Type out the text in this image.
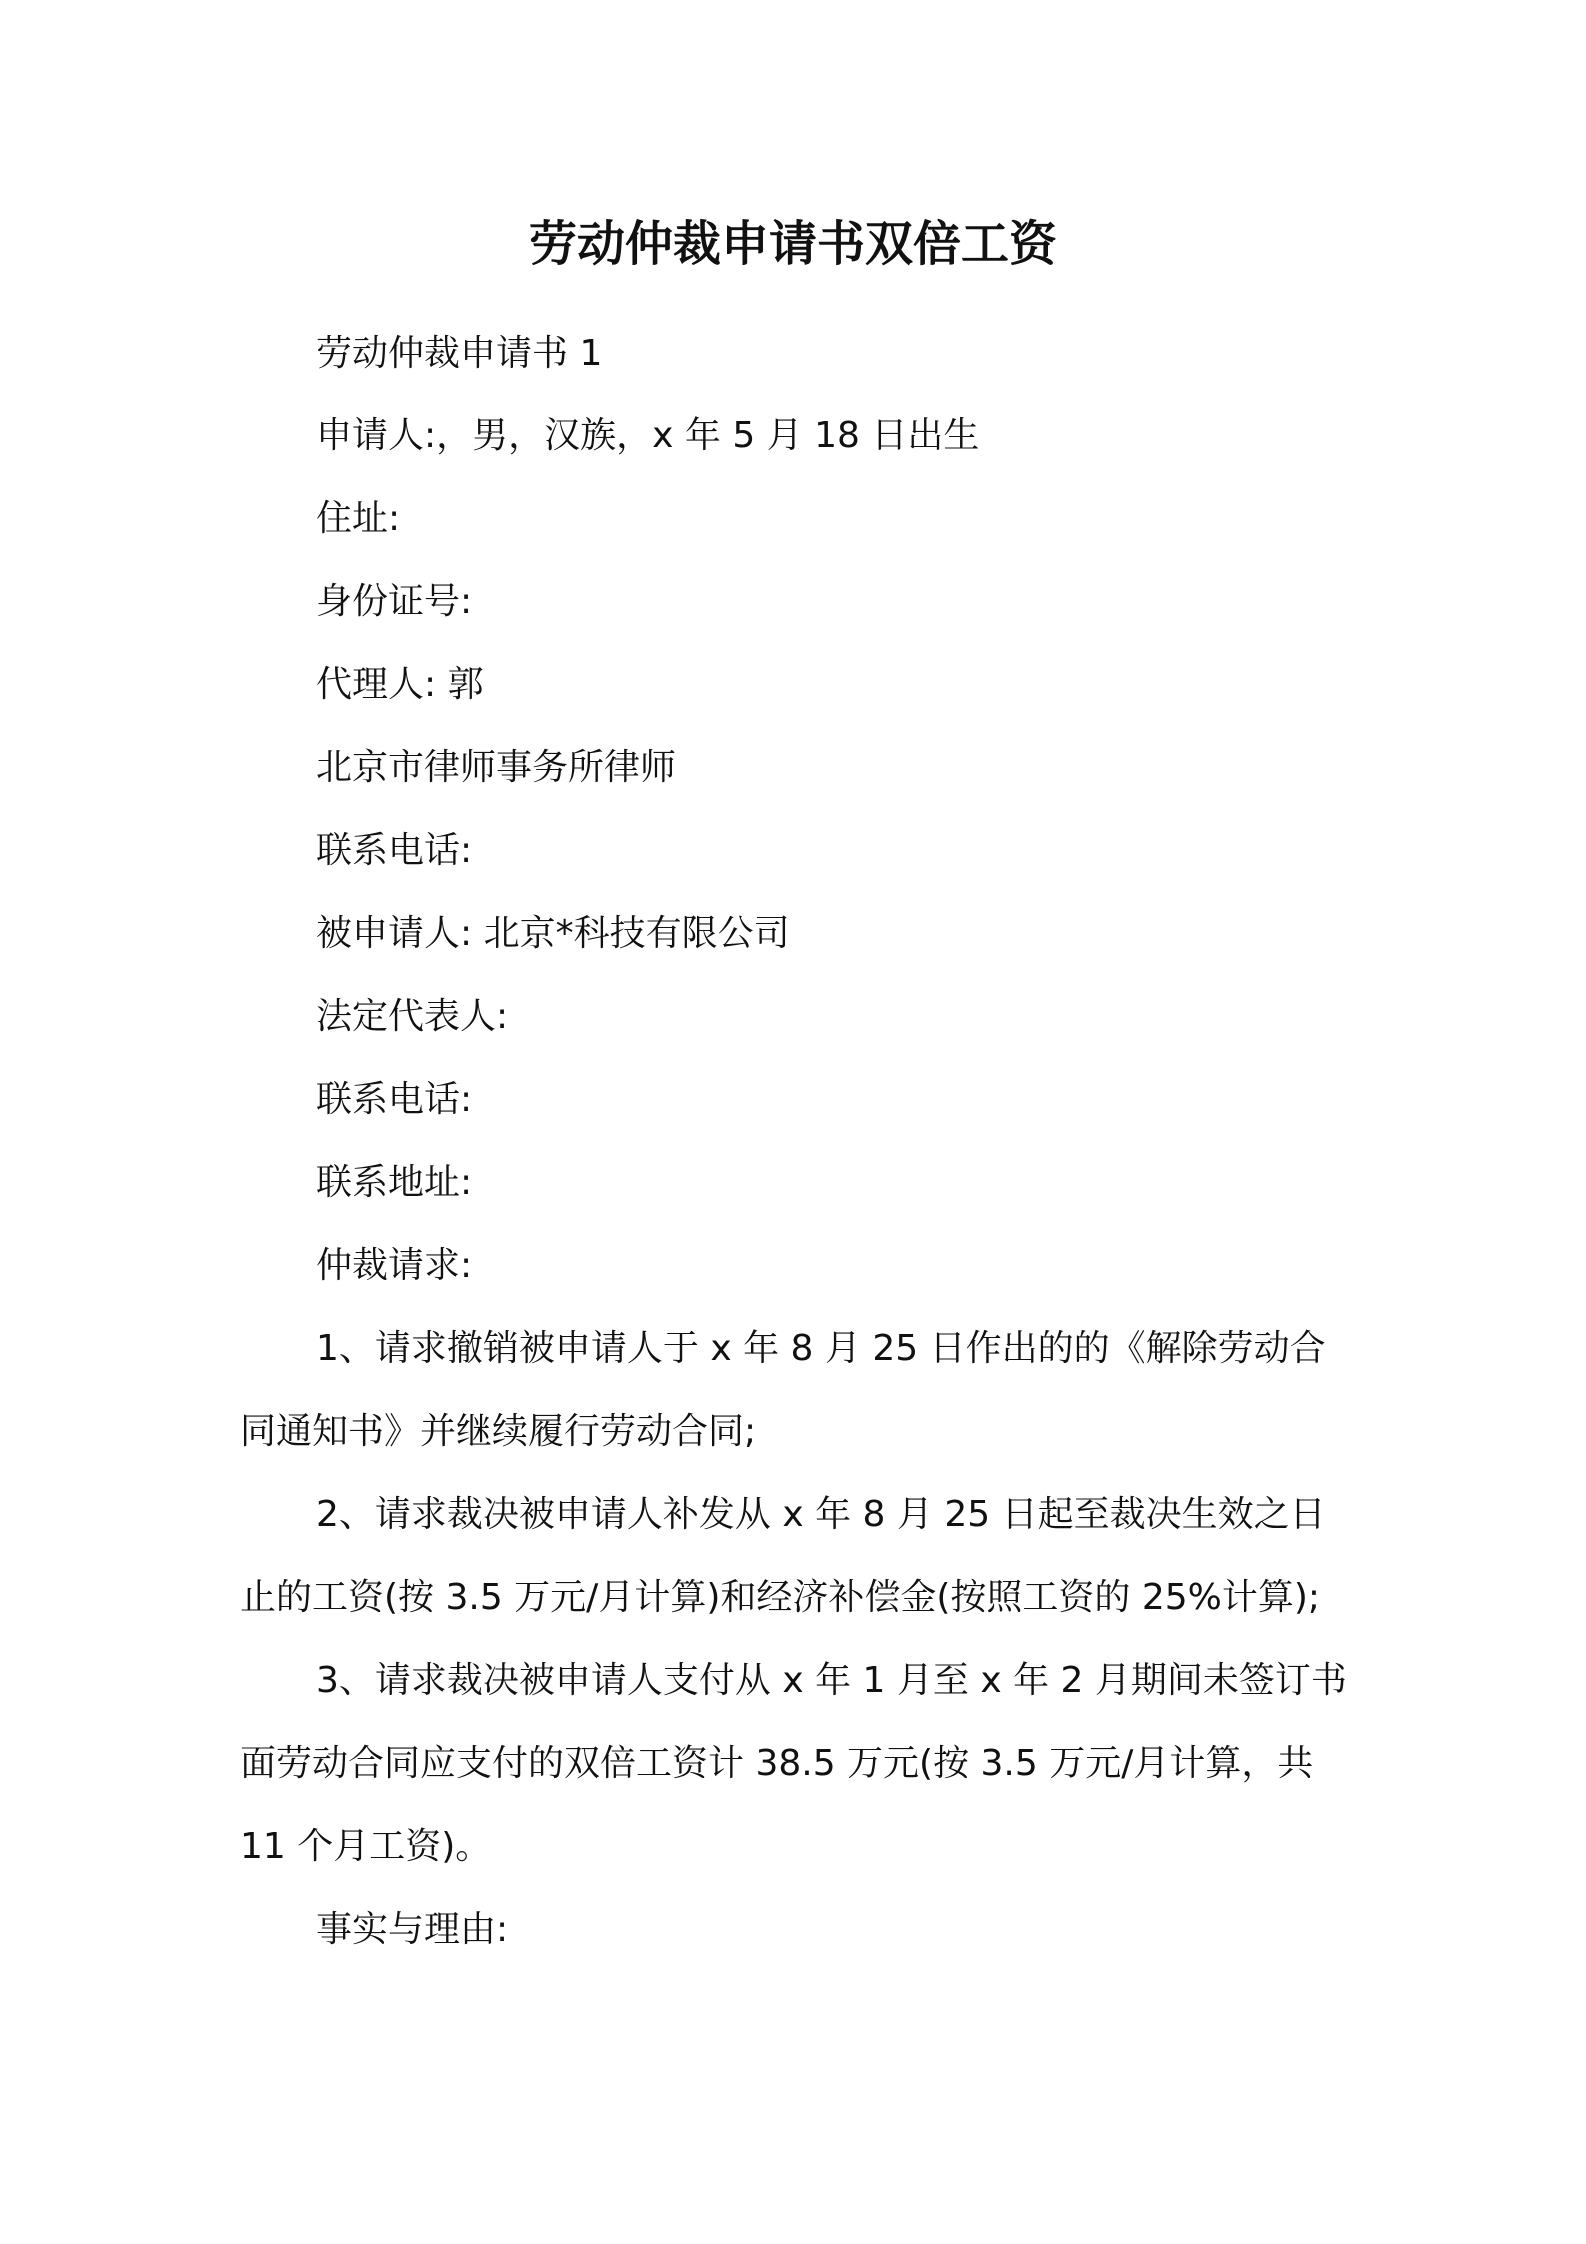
劳动仲裁申请书双倍工资
劳动仲裁申请书 1
申请人:，男，汉族，x 年 5 月 18 日出生
住址:
身份证号:
代理人: 郭
北京市律师事务所律师
联系电话:
被申请人: 北京*科技有限公司
法定代表人:
联系电话:
联系地址:
仲裁请求:
1、请求撤销被申请人于 x 年 8 月 25 日作出的的《解除劳动合
同通知书》并继续履行劳动合同;
2、请求裁决被申请人补发从 x 年 8 月 25 日起至裁决生效之日
止的工资(按 3.5 万元/月计算)和经济补偿金(按照工资的 25%计算);
3、请求裁决被申请人支付从 x 年 1 月至 x 年 2 月期间未签订书
面劳动合同应支付的双倍工资计 38.5 万元(按 3.5 万元/月计算，共
11 个月工资)。
事实与理由:
